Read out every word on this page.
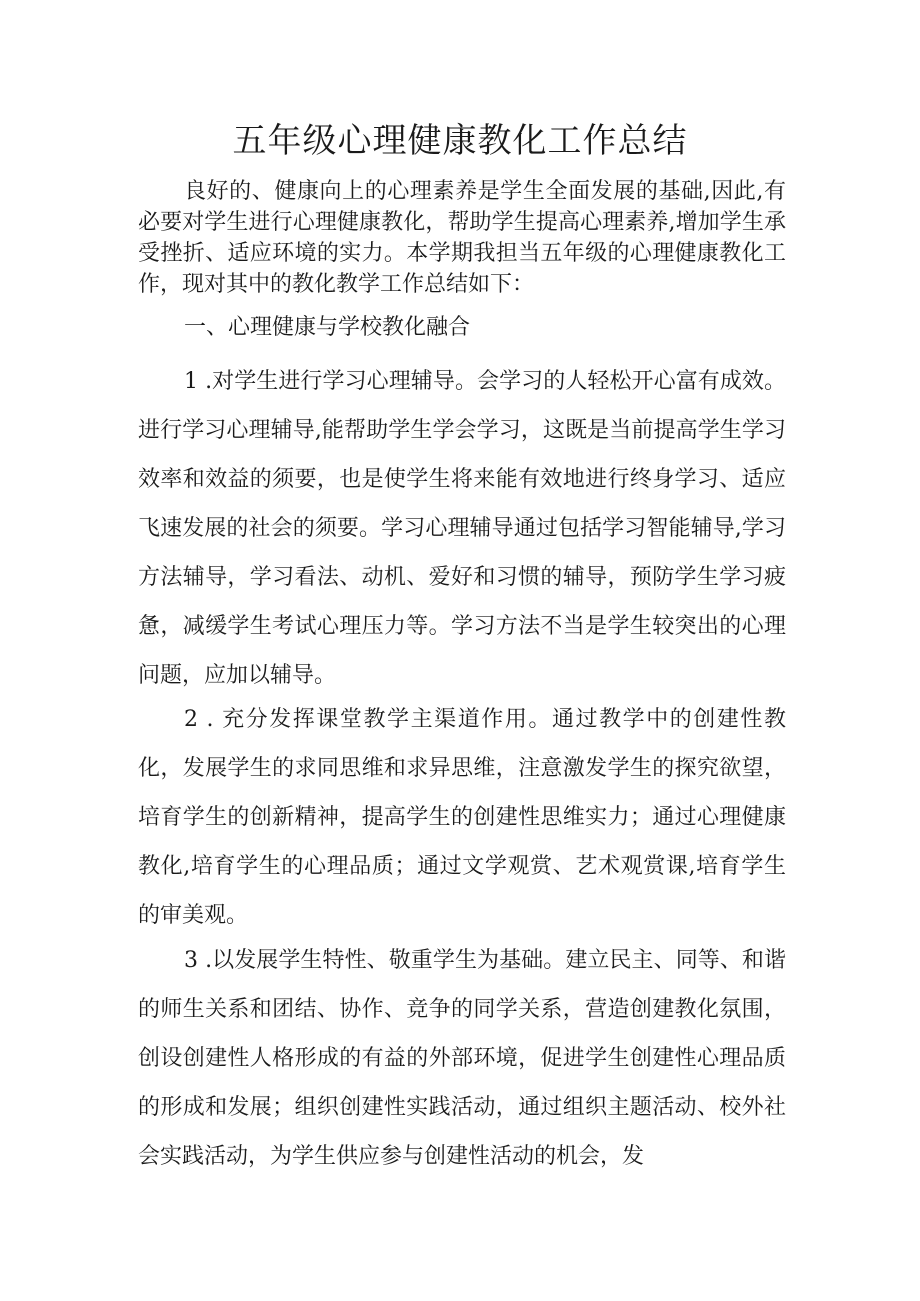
五年级心理健康教化工作总结

良好的、健康向上的心理素养是学生全面发展的基础,因此,有必要对学生进行心理健康教化，帮助学生提高心理素养,增加学生承受挫折、适应环境的实力。本学期我担当五年级的心理健康教化工作，现对其中的教化教学工作总结如下：

一、心理健康与学校教化融合

1 .对学生进行学习心理辅导。会学习的人轻松开心富有成效。进行学习心理辅导,能帮助学生学会学习，这既是当前提高学生学习效率和效益的须要，也是使学生将来能有效地进行终身学习、适应飞速发展的社会的须要。学习心理辅导通过包括学习智能辅导,学习方法辅导，学习看法、动机、爱好和习惯的辅导，预防学生学习疲惫，减缓学生考试心理压力等。学习方法不当是学生较突出的心理问题，应加以辅导。

2 . 充分发挥课堂教学主渠道作用。通过教学中的创建性教化，发展学生的求同思维和求异思维，注意激发学生的探究欲望，培育学生的创新精神，提高学生的创建性思维实力；通过心理健康教化,培育学生的心理品质；通过文学观赏、艺术观赏课,培育学生的审美观。

3 .以发展学生特性、敬重学生为基础。建立民主、同等、和谐的师生关系和团结、协作、竞争的同学关系，营造创建教化氛围，创设创建性人格形成的有益的外部环境，促进学生创建性心理品质的形成和发展；组织创建性实践活动，通过组织主题活动、校外社会实践活动，为学生供应参与创建性活动的机会，发
